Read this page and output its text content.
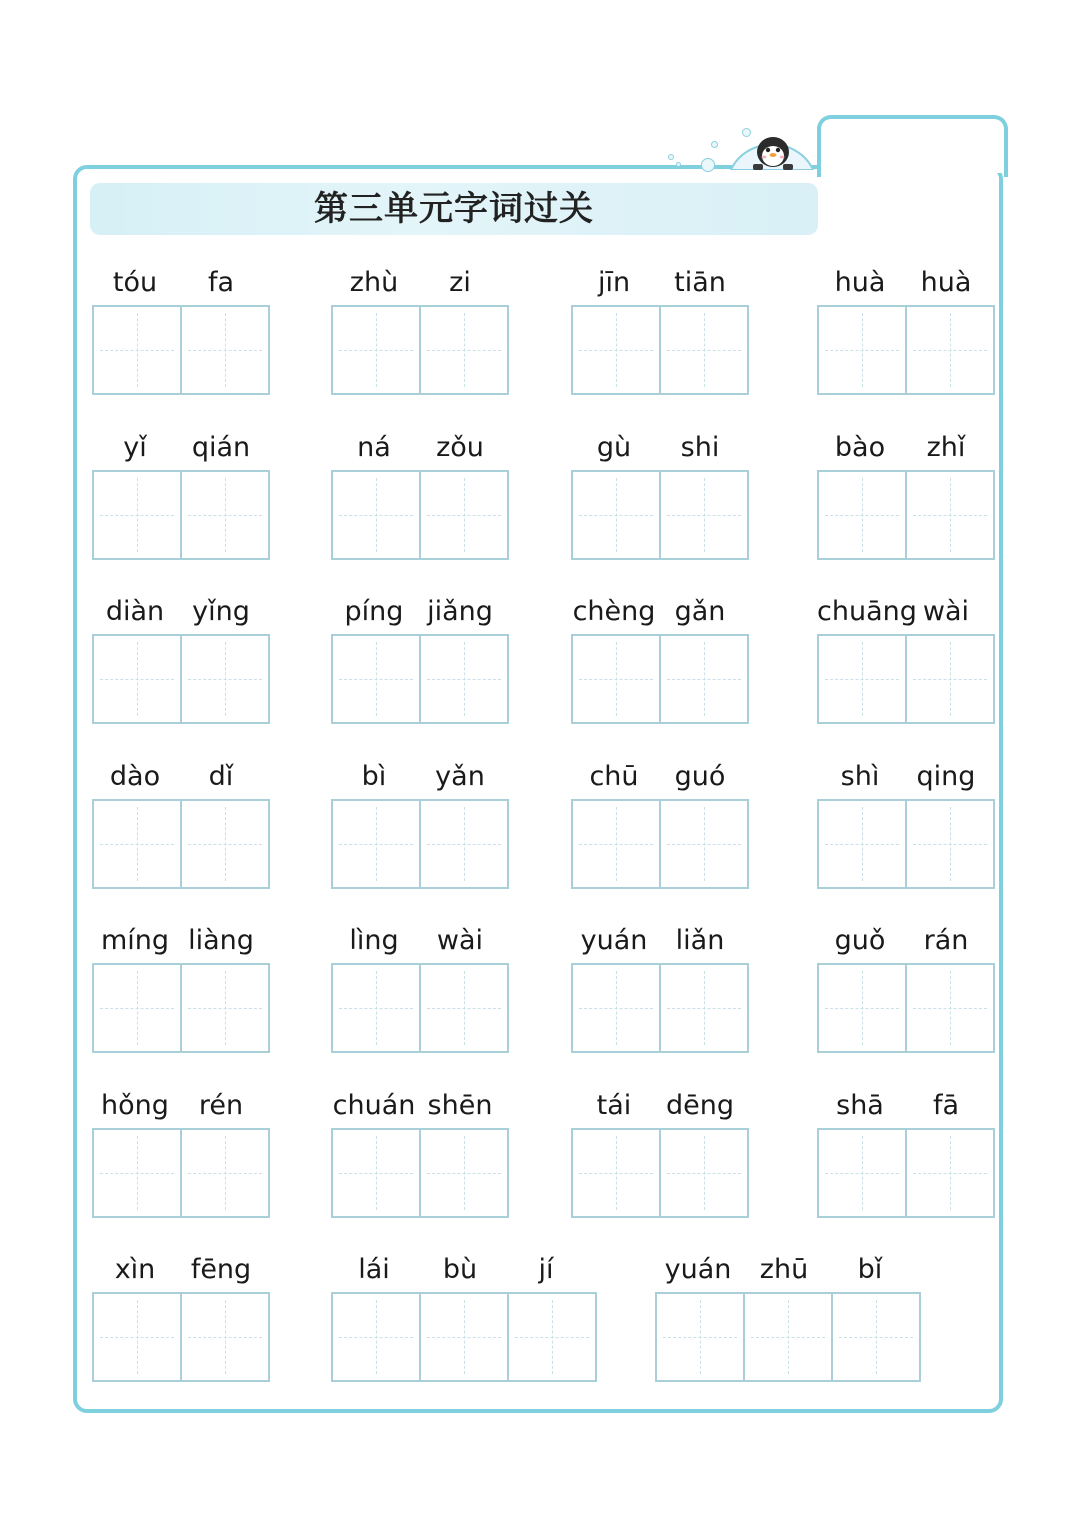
第三单元字词过关
tóu	fa	zhù	zi	jīn	tiān	huà	huà
yǐ	qián	ná	zǒu	gù	shi	bào	zhǐ
diàn	yǐng	píng jiǎng	chèng gǎn	chuāng wài
dào	dǐ	bì	yǎn	chū	guó	shì	qing
míng liàng	lìng	wài	yuán	liǎn	guǒ	rán
hǒng	rén	chuán shēn	tái	dēng	shā	fā
xìn	fēng	lái	bù	jí	yuán	zhū	bǐ
